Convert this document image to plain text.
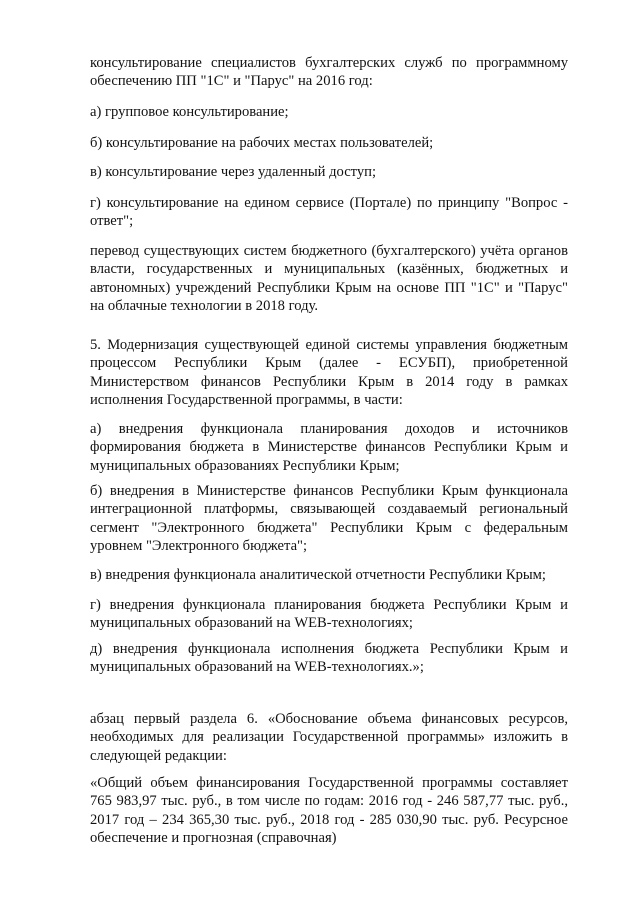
консультирование специалистов бухгалтерских служб по программному обеспечению ПП "1С" и "Парус" на 2016 год:

а) групповое консультирование;

б) консультирование на рабочих местах пользователей;

в) консультирование через удаленный доступ;

г) консультирование на едином сервисе (Портале) по принципу "Вопрос - ответ";

перевод существующих систем бюджетного (бухгалтерского) учёта органов власти, государственных и муниципальных (казённых, бюджетных и автономных) учреждений Республики Крым на основе ПП "1С" и "Парус" на облачные технологии в 2018 году.

5. Модернизация существующей единой системы управления бюджетным процессом Республики Крым (далее - ЕСУБП), приобретенной Министерством финансов Республики Крым в 2014 году в рамках исполнения Государственной программы, в части:

а) внедрения функционала планирования доходов и источников формирования бюджета в Министерстве финансов Республики Крым и муниципальных образованиях Республики Крым;

б) внедрения в Министерстве финансов Республики Крым функционала интеграционной платформы, связывающей создаваемый региональный сегмент "Электронного бюджета" Республики Крым с федеральным уровнем "Электронного бюджета";

в) внедрения функционала аналитической отчетности Республики Крым;

г) внедрения функционала планирования бюджета Республики Крым и муниципальных образований на WEB-технологиях;

д) внедрения функционала исполнения бюджета Республики Крым и муниципальных образований на WEB-технологиях.»;

абзац первый раздела 6. «Обоснование объема финансовых ресурсов, необходимых для реализации Государственной программы» изложить в следующей редакции:

«Общий объем финансирования Государственной программы составляет 765 983,97 тыс. руб., в том числе по годам: 2016 год - 246 587,77 тыс. руб., 2017 год – 234 365,30 тыс. руб., 2018 год - 285 030,90 тыс. руб. Ресурсное обеспечение и прогнозная (справочная)
